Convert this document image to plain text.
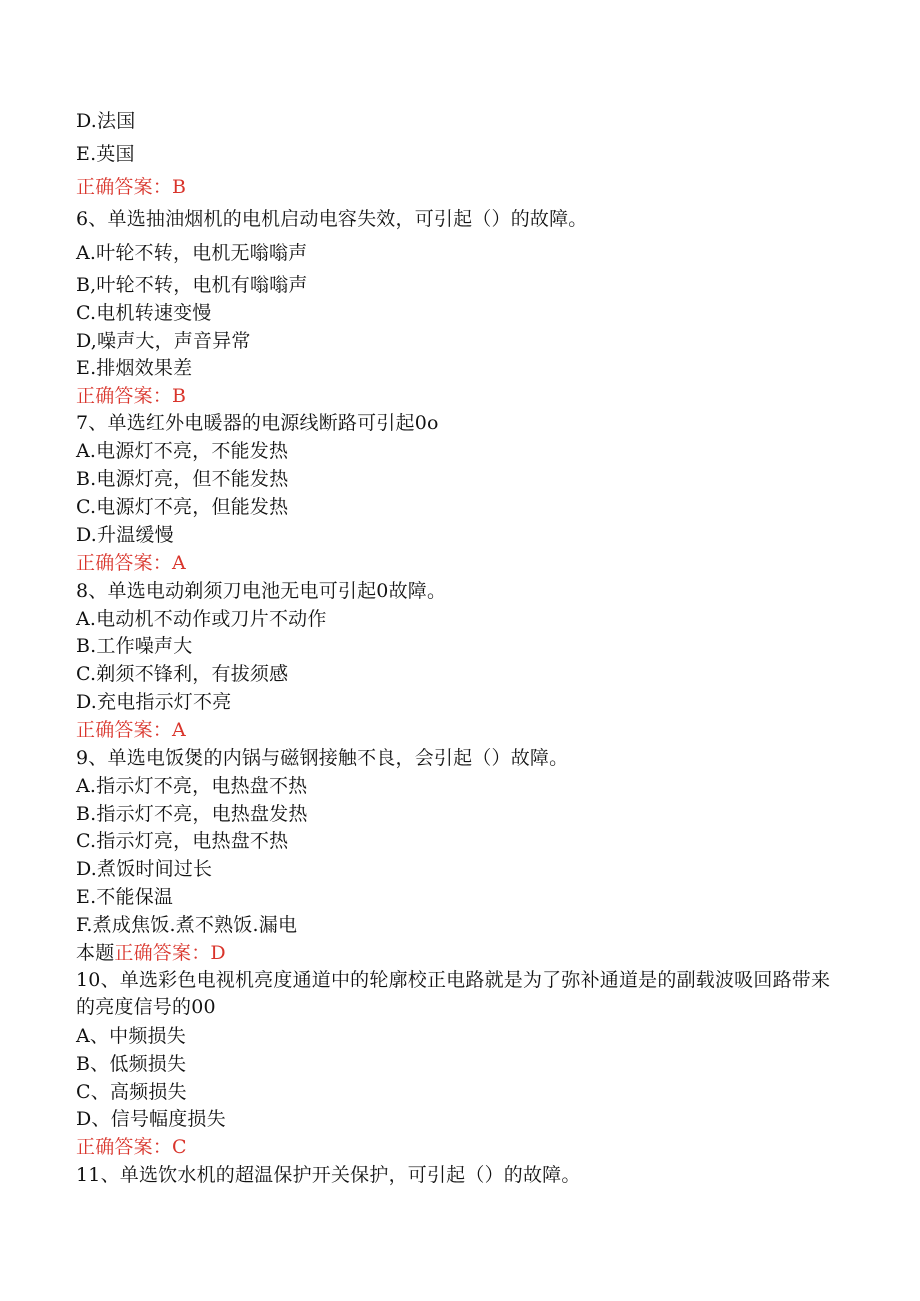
D.法国
E.英国
正确答案：B
6、单选抽油烟机的电机启动电容失效，可引起（）的故障。
A.叶轮不转，电机无嗡嗡声
B,叶轮不转，电机有嗡嗡声
C.电机转速变慢
D,噪声大，声音异常
E.排烟效果差
正确答案：B
7、单选红外电暖器的电源线断路可引起0o
A.电源灯不亮，不能发热
B.电源灯亮，但不能发热
C.电源灯不亮，但能发热
D.升温缓慢
正确答案：A
8、单选电动剃须刀电池无电可引起0故障。
A.电动机不动作或刀片不动作
B.工作噪声大
C.剃须不锋利，有拔须感
D.充电指示灯不亮
正确答案：A
9、单选电饭煲的内锅与磁钢接触不良，会引起（）故障。
A.指示灯不亮，电热盘不热
B.指示灯不亮，电热盘发热
C.指示灯亮，电热盘不热
D.煮饭时间过长
E.不能保温
F.煮成焦饭.煮不熟饭.漏电
本题正确答案：D
10、单选彩色电视机亮度通道中的轮廓校正电路就是为了弥补通道是的副载波吸回路带来的亮度信号的00
A、中频损失
B、低频损失
C、高频损失
D、信号幅度损失
正确答案：C
11、单选饮水机的超温保护开关保护，可引起（）的故障。
